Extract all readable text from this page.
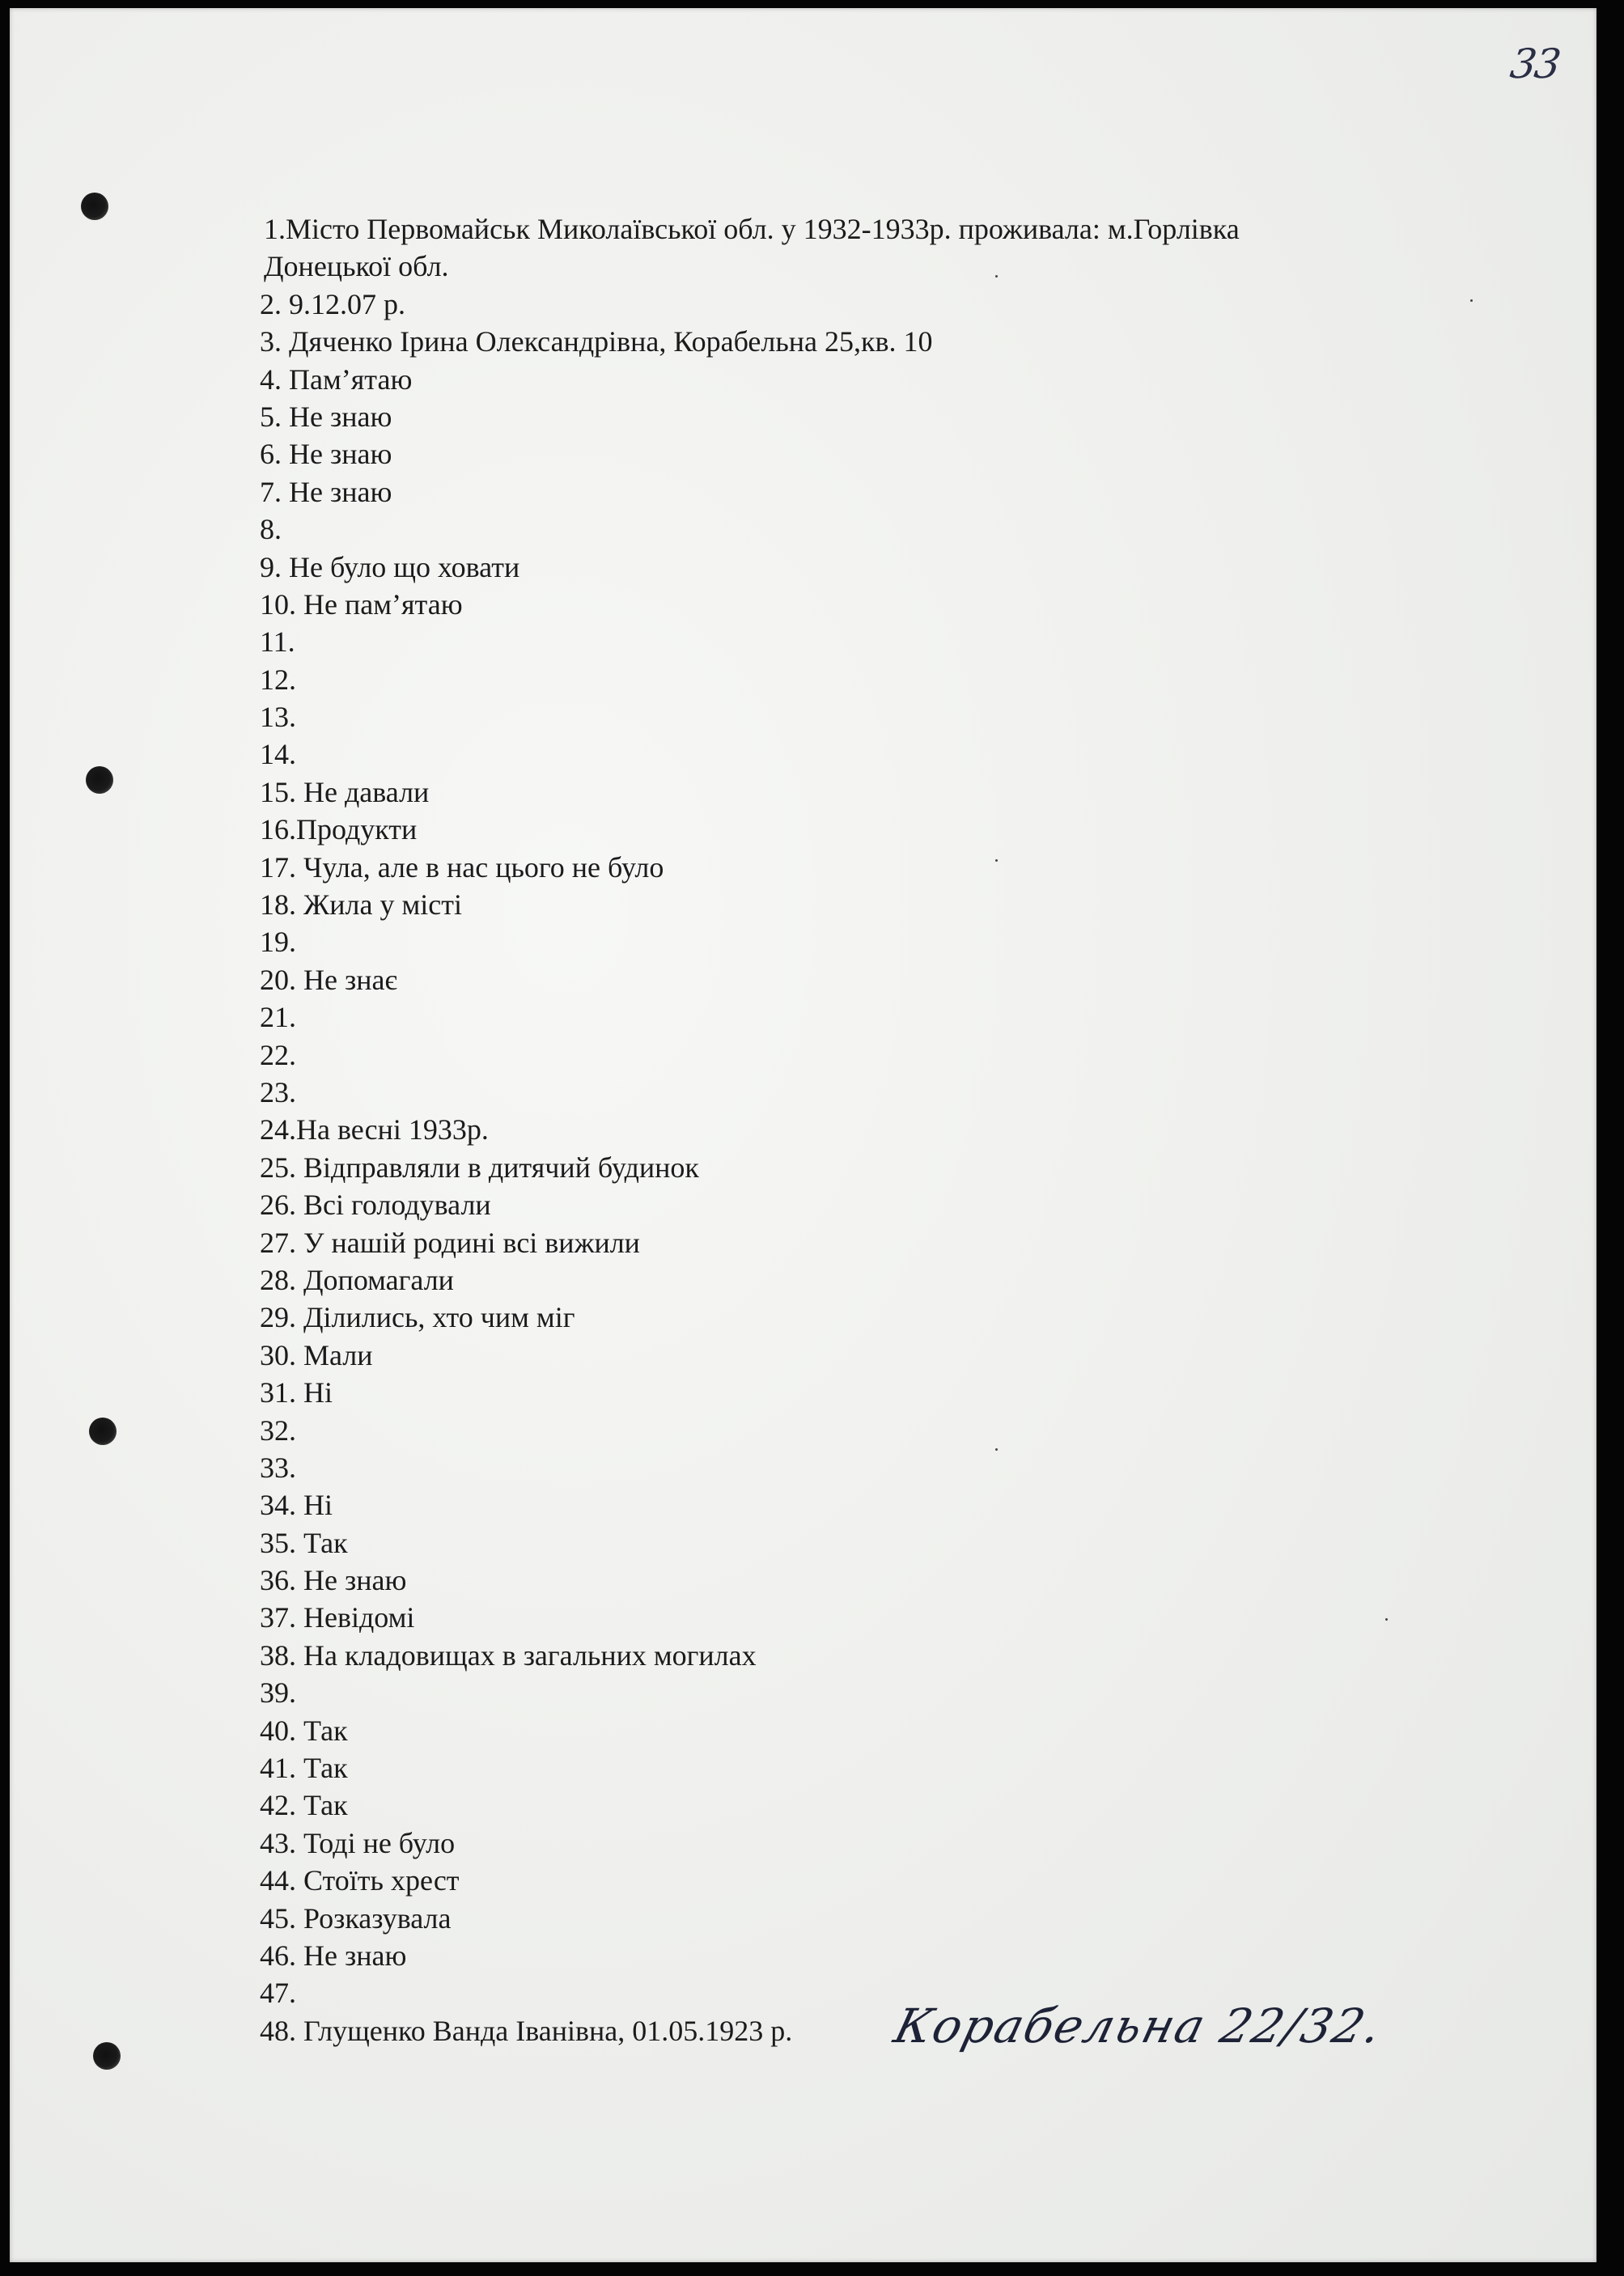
33
1.Місто Первомайськ Миколаївської обл. у 1932-1933р. проживала: м.Горлівка
Донецької обл.
2. 9.12.07 р.
3. Дяченко Ірина Олександрівна, Корабельна 25,кв. 10
4. Пам’ятаю
5. Не знаю
6. Не знаю
7. Не знаю
8.
9. Не було що ховати
10. Не пам’ятаю
11.
12.
13.
14.
15. Не давали
16.Продукти
17. Чула, але в нас цього не було
18. Жила у місті
19.
20. Не знає
21.
22.
23.
24.На весні 1933р.
25. Відправляли в дитячий будинок
26. Всі голодували
27. У нашій родині всі вижили
28. Допомагали
29. Ділились, хто чим міг
30. Мали
31. Ні
32.
33.
34. Ні
35. Так
36. Не знаю
37. Невідомі
38. На кладовищах в загальних могилах
39.
40. Так
41. Так
42. Так
43. Тоді не було
44. Стоїть хрест
45. Розказувала
46. Не знаю
47.
48. Глущенко Ванда Іванівна, 01.05.1923 р.	Корабельна 22/32.
